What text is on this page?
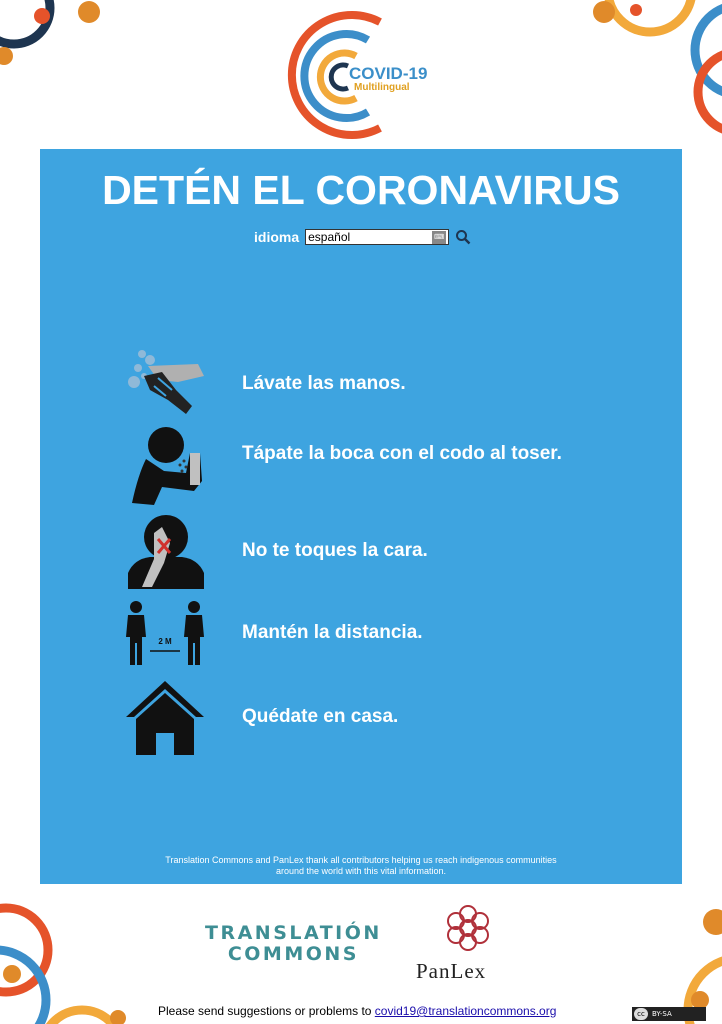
COVID-19
Multilingual
DETÉN EL CORONAVIRUS
idioma español	⌨
Lávate las manos.
Tápate la boca con el codo al toser.
No te toques la cara.
2 M	Mantén la distancia.
Quédate en casa.
Translation Commons and PanLex thank all contributors helping us reach indigenous communities around the world with this vital information.
TRANSLATIÓN
COMMONS
PanLex
Please send suggestions or problems to covid19@translationcommons.org	cc	BY-SA
